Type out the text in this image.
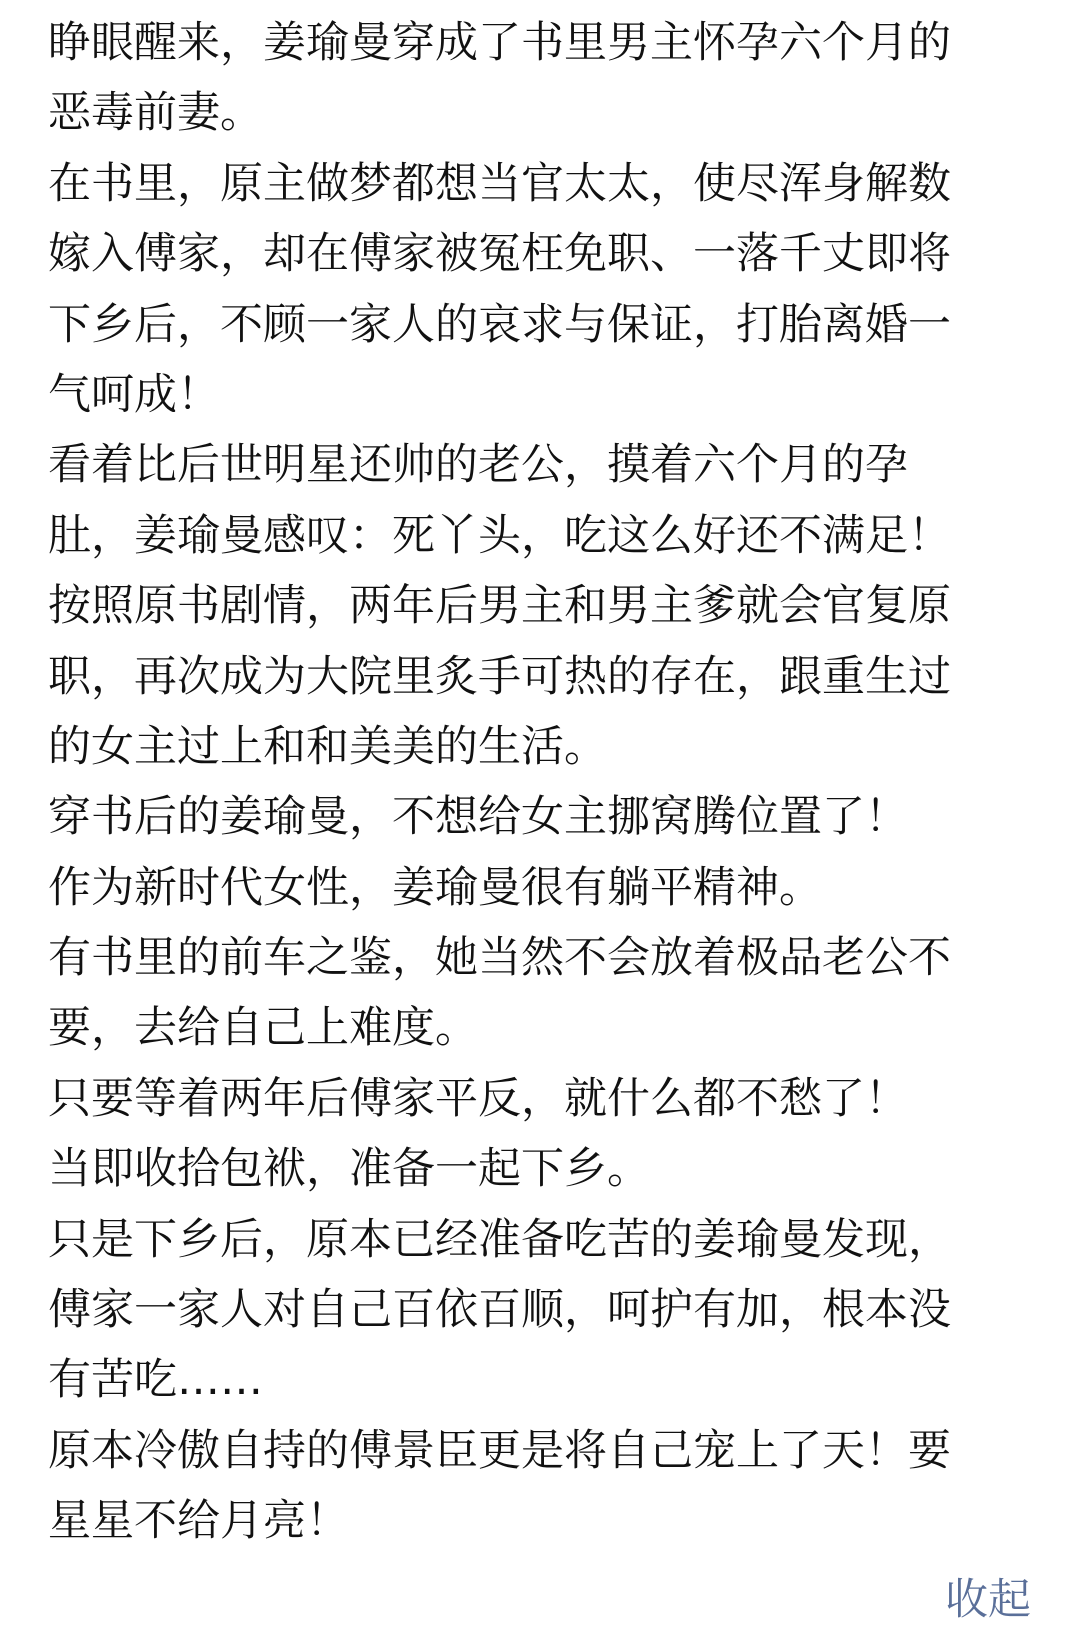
睁眼醒来，姜瑜曼穿成了书里男主怀孕六个月的
恶毒前妻。
在书里，原主做梦都想当官太太，使尽浑身解数
嫁入傅家，却在傅家被冤枉免职、一落千丈即将
下乡后，不顾一家人的哀求与保证，打胎离婚一
气呵成！
看着比后世明星还帅的老公，摸着六个月的孕
肚，姜瑜曼感叹：死丫头，吃这么好还不满足！
按照原书剧情，两年后男主和男主爹就会官复原
职，再次成为大院里炙手可热的存在，跟重生过
的女主过上和和美美的生活。
穿书后的姜瑜曼，不想给女主挪窝腾位置了！
作为新时代女性，姜瑜曼很有躺平精神。
有书里的前车之鉴，她当然不会放着极品老公不
要，去给自己上难度。
只要等着两年后傅家平反，就什么都不愁了！
当即收拾包袱，准备一起下乡。
只是下乡后，原本已经准备吃苦的姜瑜曼发现，
傅家一家人对自己百依百顺，呵护有加，根本没
有苦吃……
原本冷傲自持的傅景臣更是将自己宠上了天！要
星星不给月亮！
收起
